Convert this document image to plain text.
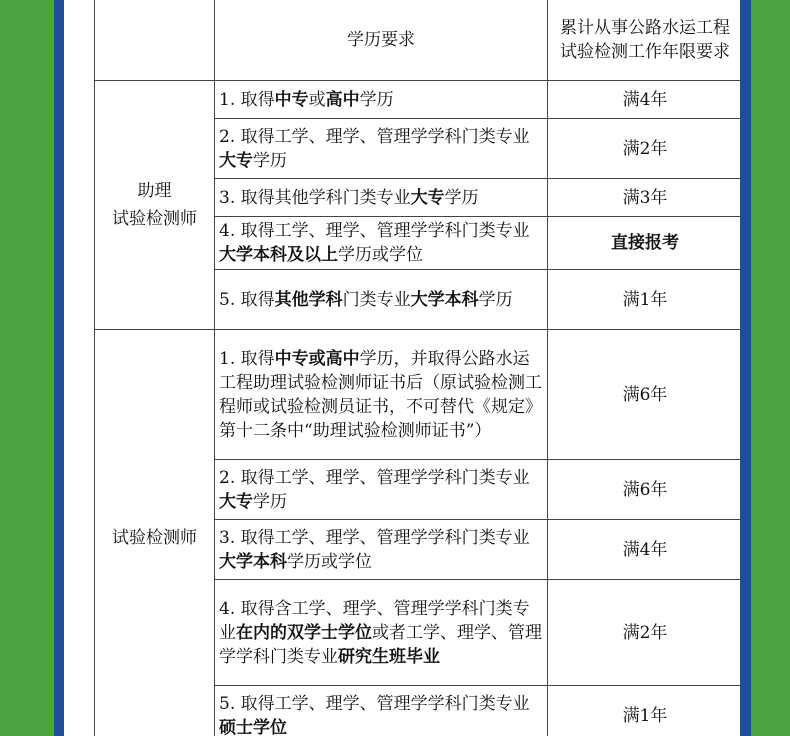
	学历要求	累计从事公路水运工程试验检测工作年限要求

助理
试验检测师	1. 取得中专或高中学历	满4年
	2. 取得工学、理学、管理学学科门类专业大专学历	满2年
	3. 取得其他学科门类专业大专学历	满3年
	4. 取得工学、理学、管理学学科门类专业大学本科及以上学历或学位	直接报考
	5. 取得其他学科门类专业大学本科学历	满1年

试验检测师	1. 取得中专或高中学历，并取得公路水运工程助理试验检测师证书后（原试验检测工程师或试验检测员证书，不可替代《规定》第十二条中“助理试验检测师证书”）	满6年
	2. 取得工学、理学、管理学学科门类专业大专学历	满6年
	3. 取得工学、理学、管理学学科门类专业大学本科学历或学位	满4年
	4. 取得含工学、理学、管理学学科门类专业在内的双学士学位或者工学、理学、管理学学科门类专业研究生班毕业	满2年
	5. 取得工学、理学、管理学学科门类专业硕士学位	满1年
